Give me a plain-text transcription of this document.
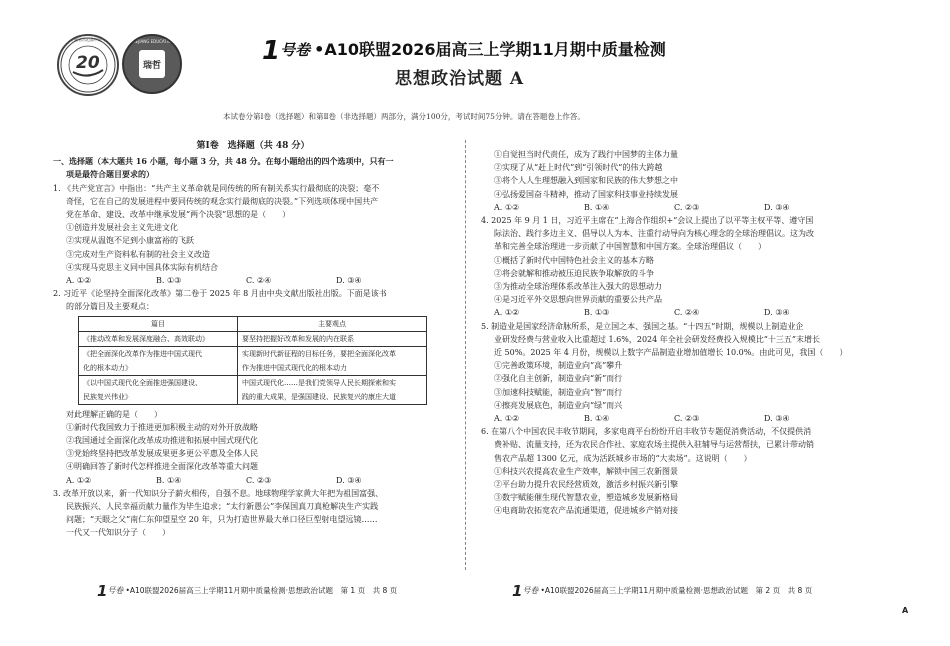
20
安徽省示范高中联考
瑞哲
ZHEJIANG EDUCATION	1号卷 •A10联盟2026届高三上学期11月期中质量检测
思想政治试题 A
本试卷分第Ⅰ卷（选择题）和第Ⅱ卷（非选择题）两部分，满分100分，考试时间75分钟。请在答题卷上作答。

第Ⅰ卷　选择题（共 48 分）

一、选择题（本大题共 16 小题，每小题 3 分，共 48 分。在每小题给出的四个选项中，只有一

项是最符合题目要求的）

1. 《共产党宣言》中指出：“共产主义革命就是同传统的所有制关系实行最彻底的决裂；毫不

奇怪，它在自己的发展进程中要同传统的观念实行最彻底的决裂。”下列选项体现中国共产

党在革命、建设、改革中继承发展“两个决裂”思想的是（　　）

①创造并发展社会主义先进文化

②实现从温饱不足到小康富裕的飞跃

③完成对生产资料私有制的社会主义改造

④实现马克思主义同中国具体实际有机结合

A. ①②	B. ①③	C. ②④	D. ③④

2. 习近平《论坚持全面深化改革》第二卷于 2025 年 8 月由中央文献出版社出版。下面是该书

的部分篇目及主要观点：

篇目	主要观点
《推动改革和发展深度融合、高效联动》	要坚持把握好改革和发展的内在联系
《把全面深化改革作为推进中国式现代	实现新时代新征程的目标任务，要把全面深化改革
化的根本动力》	作为推进中国式现代化的根本动力
《以中国式现代化全面推进强国建设、	中国式现代化……是我们党领导人民长期探索和实
民族复兴伟业》	践的重大成果，是强国建设、民族复兴的康庄大道

对此理解正确的是（　　）

①新时代我国致力于推进更加积极主动的对外开放战略

②我国通过全面深化改革成功推进和拓展中国式现代化

③党始终坚持把改革发展成果更多更公平惠及全体人民

④明确回答了新时代怎样推进全面深化改革等重大问题

A. ①②	B. ①④	C. ②③	D. ③④

3. 改革开放以来，新一代知识分子薪火相传，自强不息。地球物理学家黄大年把为祖国富强、

民族振兴、人民幸福贡献力量作为毕生追求；“太行新愚公”李保国真刀真枪解决生产实践

问题；“天眼之父”南仁东仰望星空 20 年，只为打造世界最大单口径巨型射电望远镜……

一代又一代知识分子（　　）

①自觉担当时代责任，成为了践行中国梦的主体力量

②实现了从“赶上时代”到“引领时代”的伟大跨越

③将个人人生理想融入到国家和民族的伟大梦想之中

④弘扬爱国奋斗精神，推动了国家科技事业持续发展

A. ①②	B. ①④	C. ②③	D. ③④

4. 2025 年 9 月 1 日，习近平主席在“上海合作组织+”会议上提出了以平等主权平等、遵守国

际法治、践行多边主义、倡导以人为本、注重行动导向为核心理念的全球治理倡议。这为改

革和完善全球治理进一步贡献了中国智慧和中国方案。全球治理倡议（　　）

①概括了新时代中国特色社会主义的基本方略

②将会就解和推动被压迫民族争取解放的斗争

③为推动全球治理体系改革注入强大的思想动力

④是习近平外交思想向世界贡献的重要公共产品

A. ①②	B. ①③	C. ②④	D. ③④

5. 制造业是国家经济命脉所系，是立国之本、强国之基。“十四五”时期，规模以上制造业企

业研发经费与营业收入比重超过 1.6%，2024 年全社会研发经费投入规模比“十三五”末增长

近 50%。2025 年 4 月份，规模以上数字产品制造业增加值增长 10.0%。由此可见，我国（　　）

①完善政策环境，制造业向“高”攀升

②强化自主创新，制造业向“新”而行

③加速科技赋能，制造业向“智”而行

④擦亮发展底色，制造业向“绿”而兴

A. ①②	B. ①④	C. ②③	D. ③④

6. 在第八个中国农民丰收节期间，多家电商平台纷纷开启丰收节专题促消费活动，不仅提供消

费补贴、流量支持，还为农民合作社、家庭农场主提供入驻辅导与运营帮扶，已累计带动销

售农产品超 1300 亿元，成为活跃城乡市场的“大卖场”。这说明（　　）

①科技兴农提高农业生产效率，解锁中国三农新图景

②平台助力提升农民经营质效，激活乡村振兴新引擎

③数字赋能催生现代智慧农业，塑造城乡发展新格局

④电商助农拓宽农产品流通渠道，促进城乡产销对接

1号卷 •A10联盟2026届高三上学期11月期中质量检测·思想政治试题　第 1 页　共 8 页	1号卷 •A10联盟2026届高三上学期11月期中质量检测·思想政治试题　第 2 页　共 8 页
A
